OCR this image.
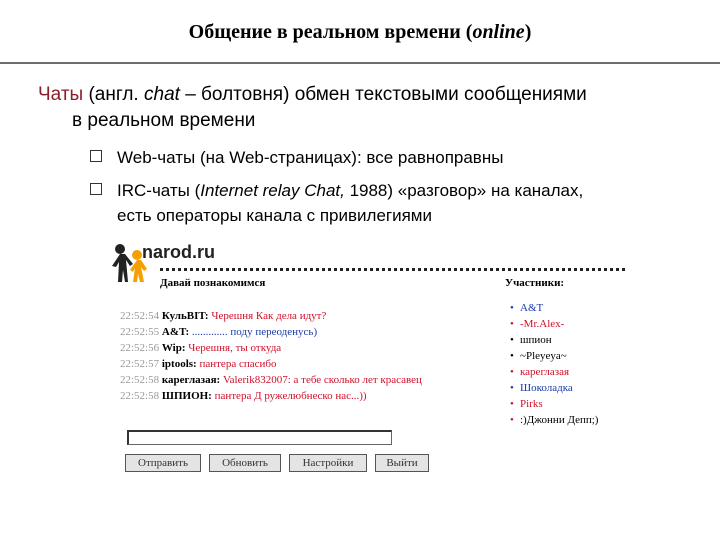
Общение в реальном времени (online)
Чаты (англ. chat – болтовня) обмен текстовыми сообщениями
в реальном времени
Web-чаты (на Web-страницах): все равноправны
IRC-чаты (Internet relay Chat, 1988) «разговор» на каналах,
есть операторы канала с привилегиями
narod.ru
Давай познакомимся	Участники:
22:52:54 КульBIT: Черешня Как дела идут?
22:52:55 A&T: ............. поду переоденусь)
22:52:56 Wip: Черешня, ты откуда
22:52:57 iptools: пантера спасибо
22:52:58 кареглазая: Valerik832007: а тебе сколько лет красавец
22:52:58 ШПИОН: пантера Д ружелюбнеcко нас...))
• A&T
• -Mr.Alex-
• шпион
• ~Pleyeya~
• кареглазая
• Шоколадка
• Pirks
• :)Джонни Депп;)
Отправить	Обновить	Настройки	Выйти
